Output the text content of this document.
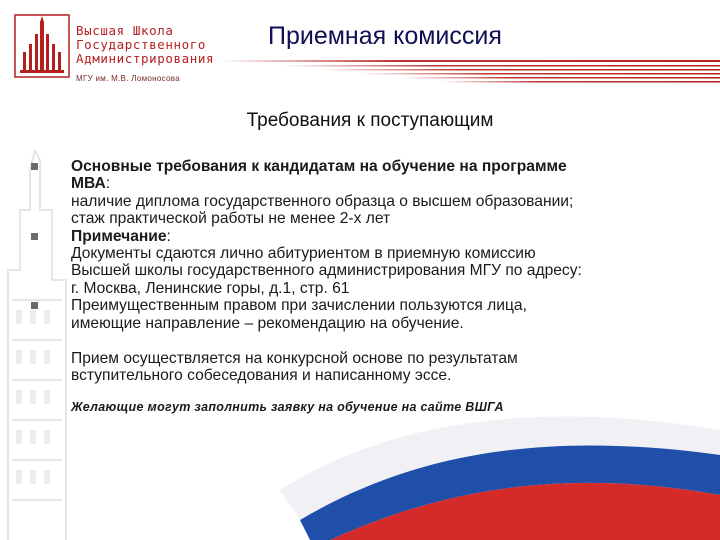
Высшая Школа
Государственного
Администрирования
МГУ им. М.В. Ломоносова
Приемная комиссия
Требования к поступающим
Основные требования к кандидатам на обучение на программе
МВА:
наличие диплома государственного образца о высшем образовании;
стаж практической работы не менее 2-х лет
Примечание:
Документы сдаются лично абитуриентом в приемную комиссию
Высшей школы государственного администрирования МГУ по адресу:
г. Москва, Ленинские горы, д.1, стр. 61
Преимущественным правом при зачислении пользуются лица,
имеющие направление – рекомендацию на обучение.
Прием осуществляется на конкурсной основе по результатам
вступительного собеседования и написанному эссе.
Желающие могут заполнить заявку на обучение на сайте ВШГА
